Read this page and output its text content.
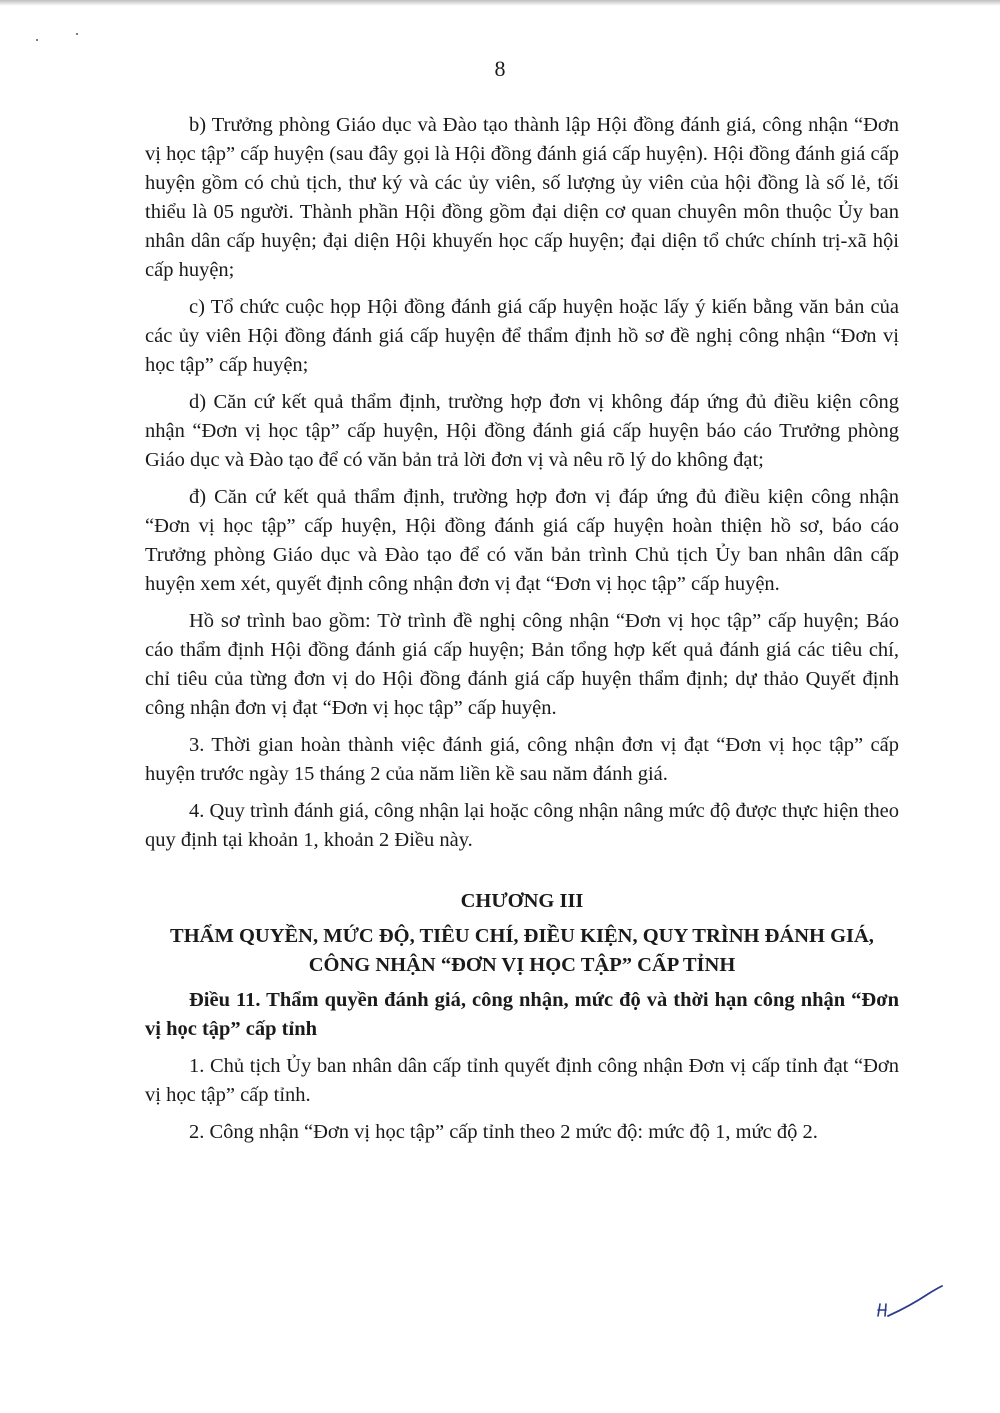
8

b) Trưởng phòng Giáo dục và Đào tạo thành lập Hội đồng đánh giá, công nhận “Đơn vị học tập” cấp huyện (sau đây gọi là Hội đồng đánh giá cấp huyện). Hội đồng đánh giá cấp huyện gồm có chủ tịch, thư ký và các ủy viên, số lượng ủy viên của hội đồng là số lẻ, tối thiểu là 05 người. Thành phần Hội đồng gồm đại diện cơ quan chuyên môn thuộc Ủy ban nhân dân cấp huyện; đại diện Hội khuyến học cấp huyện; đại diện tổ chức chính trị-xã hội cấp huyện;

c) Tổ chức cuộc họp Hội đồng đánh giá cấp huyện hoặc lấy ý kiến bằng văn bản của các ủy viên Hội đồng đánh giá cấp huyện để thẩm định hồ sơ đề nghị công nhận “Đơn vị học tập” cấp huyện;

d) Căn cứ kết quả thẩm định, trường hợp đơn vị không đáp ứng đủ điều kiện công nhận “Đơn vị học tập” cấp huyện, Hội đồng đánh giá cấp huyện báo cáo Trưởng phòng Giáo dục và Đào tạo để có văn bản trả lời đơn vị và nêu rõ lý do không đạt;

đ) Căn cứ kết quả thẩm định, trường hợp đơn vị đáp ứng đủ điều kiện công nhận “Đơn vị học tập” cấp huyện, Hội đồng đánh giá cấp huyện hoàn thiện hồ sơ, báo cáo Trưởng phòng Giáo dục và Đào tạo để có văn bản trình Chủ tịch Ủy ban nhân dân cấp huyện xem xét, quyết định công nhận đơn vị đạt “Đơn vị học tập” cấp huyện.

Hồ sơ trình bao gồm: Tờ trình đề nghị công nhận “Đơn vị học tập” cấp huyện; Báo cáo thẩm định Hội đồng đánh giá cấp huyện; Bản tổng hợp kết quả đánh giá các tiêu chí, chỉ tiêu của từng đơn vị do Hội đồng đánh giá cấp huyện thẩm định; dự thảo Quyết định công nhận đơn vị đạt “Đơn vị học tập” cấp huyện.

3. Thời gian hoàn thành việc đánh giá, công nhận đơn vị đạt “Đơn vị học tập” cấp huyện trước ngày 15 tháng 2 của năm liền kề sau năm đánh giá.

4. Quy trình đánh giá, công nhận lại hoặc công nhận nâng mức độ được thực hiện theo quy định tại khoản 1, khoản 2 Điều này.

CHƯƠNG III

THẨM QUYỀN, MỨC ĐỘ, TIÊU CHÍ, ĐIỀU KIỆN, QUY TRÌNH ĐÁNH GIÁ, CÔNG NHẬN “ĐƠN VỊ HỌC TẬP” CẤP TỈNH

Điều 11. Thẩm quyền đánh giá, công nhận, mức độ và thời hạn công nhận “Đơn vị học tập” cấp tỉnh

1. Chủ tịch Ủy ban nhân dân cấp tỉnh quyết định công nhận Đơn vị cấp tỉnh đạt “Đơn vị học tập” cấp tỉnh.

2. Công nhận “Đơn vị học tập” cấp tỉnh theo 2 mức độ: mức độ 1, mức độ 2.
